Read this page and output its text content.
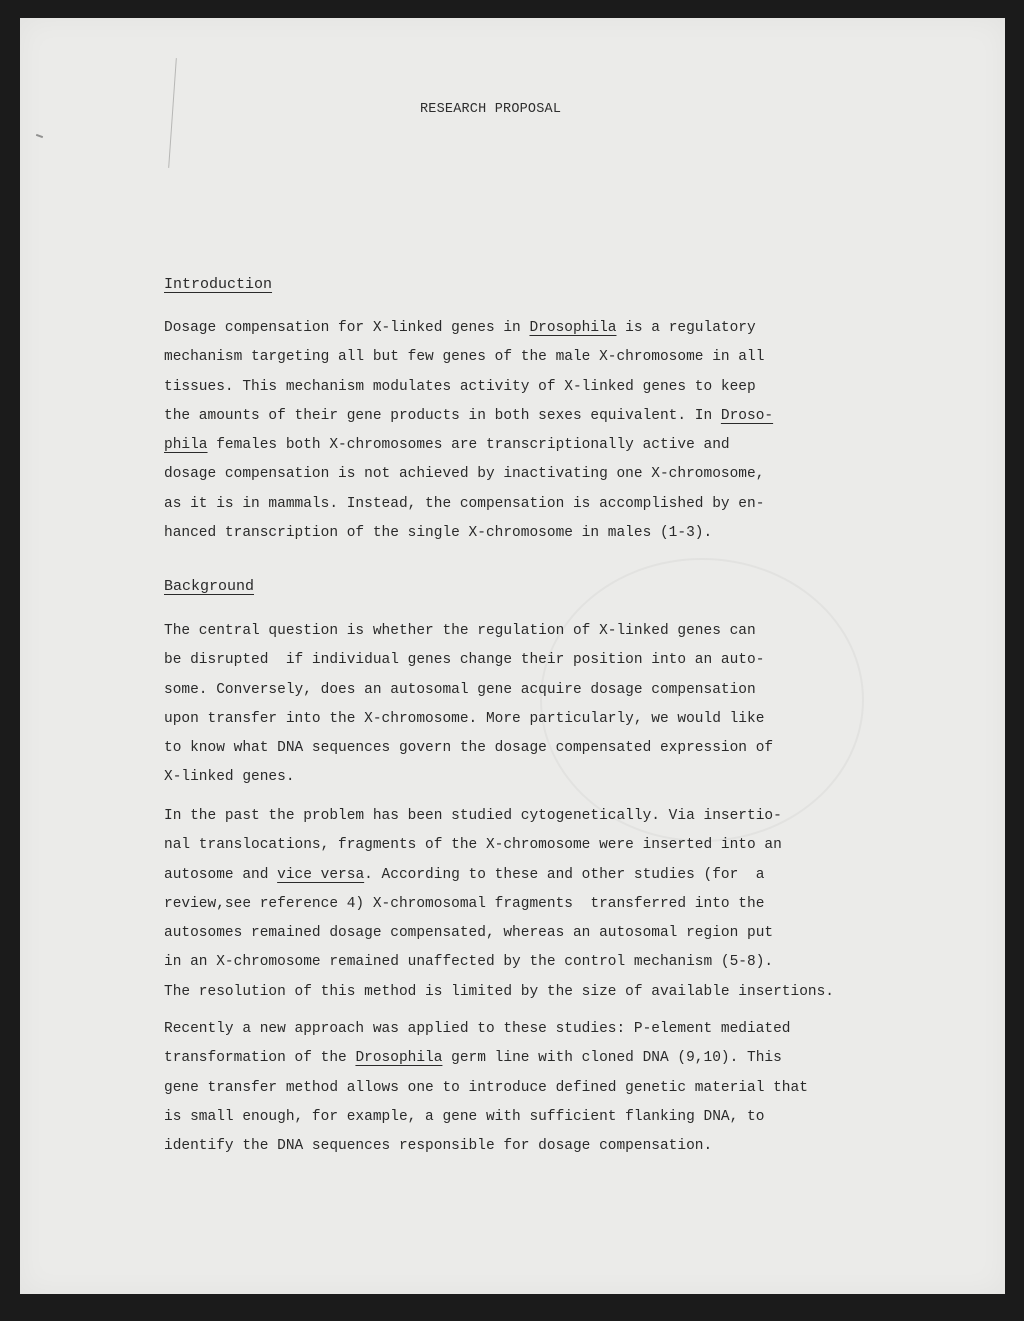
RESEARCH PROPOSAL
Introduction
Dosage compensation for X-linked genes in Drosophila is a regulatory
mechanism targeting all but few genes of the male X-chromosome in all
tissues. This mechanism modulates activity of X-linked genes to keep
the amounts of their gene products in both sexes equivalent. In Droso-
phila females both X-chromosomes are transcriptionally active and
dosage compensation is not achieved by inactivating one X-chromosome,
as it is in mammals. Instead, the compensation is accomplished by en-
hanced transcription of the single X-chromosome in males (1-3).
Background
The central question is whether the regulation of X-linked genes can
be disrupted  if individual genes change their position into an auto-
some. Conversely, does an autosomal gene acquire dosage compensation
upon transfer into the X-chromosome. More particularly, we would like
to know what DNA sequences govern the dosage compensated expression of
X-linked genes.
In the past the problem has been studied cytogenetically. Via insertio-
nal translocations, fragments of the X-chromosome were inserted into an
autosome and vice versa. According to these and other studies (for  a
review,see reference 4) X-chromosomal fragments  transferred into the
autosomes remained dosage compensated, whereas an autosomal region put
in an X-chromosome remained unaffected by the control mechanism (5-8).
The resolution of this method is limited by the size of available insertions.
Recently a new approach was applied to these studies: P-element mediated
transformation of the Drosophila germ line with cloned DNA (9,10). This
gene transfer method allows one to introduce defined genetic material that
is small enough, for example, a gene with sufficient flanking DNA, to
identify the DNA sequences responsible for dosage compensation.
